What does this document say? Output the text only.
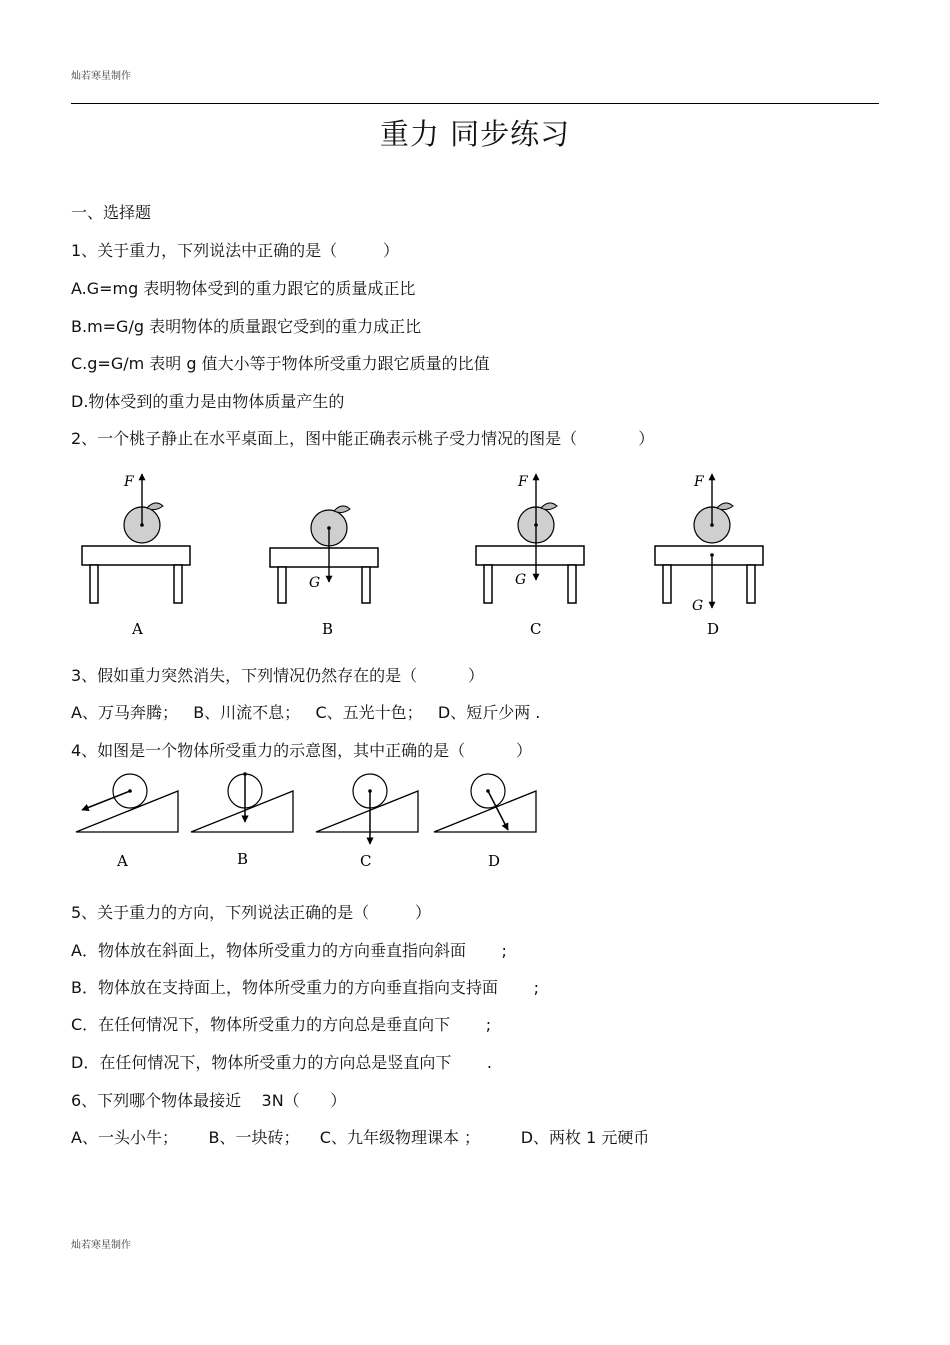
灿若寒星制作
重力 同步练习
一、选择题
1、关于重力，下列说法中正确的是（         ）
A.G=mg 表明物体受到的重力跟它的质量成正比
B.m=G/g 表明物体的质量跟它受到的重力成正比
C.g=G/m 表明 g 值大小等于物体所受重力跟它质量的比值
D.物体受到的重力是由物体质量产生的
2、一个桃子静止在水平桌面上，图中能正确表示桃子受力情况的图是（            ）
F
A
G
B
F
G
C
F
G
D
3、假如重力突然消失，下列情况仍然存在的是（          ）
A、万马奔腾；   B、川流不息；   C、五光十色；   D、短斤少两 .
4、如图是一个物体所受重力的示意图，其中正确的是（          ）
A	B	C	D
5、关于重力的方向，下列说法正确的是（         ）
A．物体放在斜面上，物体所受重力的方向垂直指向斜面       ;
B．物体放在支持面上，物体所受重力的方向垂直指向支持面       ;
C．在任何情况下，物体所受重力的方向总是垂直向下       ;
D．在任何情况下，物体所受重力的方向总是竖直向下       .
6、下列哪个物体最接近    3N（      ）
A、一头小牛；      B、一块砖；    C、九年级物理课本 ；        D、两枚 1 元硬币
灿若寒星制作
